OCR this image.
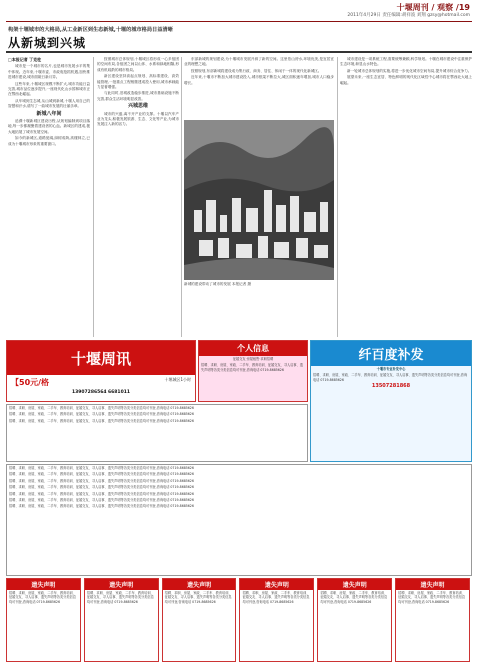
十堰周刊 / 观察 /19
2011年4月29日 责任编辑:胡祥波 刘翔 gzsy@hotmail.com
构架十堰城市的大格局,从工业新区到生态新城,十堰的城市格局日益清晰
从新城到兴城
□本报记者 丁克柱

城市是一个城市的名片,也是城市发展水平的集中体现。近年来,十堰市委、市政府抢抓机遇,加快推进城市建设,城市面貌日新月异。

这些年来,十堰城区规模不断扩大,城市功能日益完善,城市品位逐步提升,一座现代化山水园林城市正在鄂西北崛起。

从车城到生态城,从山城到新城,十堰人用自己的智慧和汗水,谱写了一曲城市发展的壮丽乐章。

新城八年间

追溯十堰新城区建设历程,从规划编制到项目落地,每一步都凝聚着建设者的心血。新城区的建成,极大地拓展了城市发展空间。

如今的新城区,道路宽阔,绿树成荫,高楼林立,已成为十堰城市形象的重要窗口。

按照城市总体规划,十堰城区将形成一心多组团的空间布局,各组团之间以山体、水系和绿地相隔,形成有机疏散的城市格局。

新区建设坚持高起点规划、高标准建设、高效能管理,一批重点工程相继建成投入使用,城市承载能力显著增强。

与此同时,旧城改造稳步推进,城市基础设施不断完善,群众生活环境明显改善。

兴城思维

城市的兴盛,离不开产业的支撑。十堰以汽车产业为龙头,积极发展旅游、生态、文化等产业,为城市发展注入新的活力。

东部新城的规划建设,为十堰城市发展开辟了新的空间。这里依山傍水,环境优美,是宜居宜业的理想之地。

按照规划,东部新城将建设成为集行政、商务、居住、休闲于一体的现代化新城区。

近年来,十堰市不断加大城市建设投入,城市框架不断拉大,城区面积逐年增加,城市人口稳步增长。

新城的建设带动了城市的发展 本报记者 摄

城市建设是一项系统工程,需要统筹兼顾,科学规划。十堰在城市建设中注重保护生态环境,彰显山水特色。

新一轮城市总体规划的实施,将进一步优化城市空间布局,提升城市综合竞争力。

展望未来,一座生态宜居、特色鲜明的现代化区域性中心城市将在鄂西北大地上崛起。

十堰周讯
【50元/格	十堰城区1小时
13907286564 6681011
个人信息
征婚交友·房屋租售·求职招聘
招聘、求职、房屋、家政、二手车、教育培训、征婚交友、寻人启事、遗失声明等各类分类信息均可刊登,咨询电话 0719-8685626
纤百度补发
十堰市专业补发中心
招聘、求职、房屋、家政、二手车、教育培训、征婚交友、寻人启事、遗失声明等各类分类信息均可刊登,咨询电话 0719-8685626
13507281868
招聘、求职、房屋、家政、二手车、教育培训、征婚交友、寻人启事、遗失声明等各类分类信息均可刊登,咨询电话 0719-8685626
招聘、求职、房屋、家政、二手车、教育培训、征婚交友、寻人启事、遗失声明等各类分类信息均可刊登,咨询电话 0719-8685626
招聘、求职、房屋、家政、二手车、教育培训、征婚交友、寻人启事、遗失声明等各类分类信息均可刊登,咨询电话 0719-8685626
招聘、求职、房屋、家政、二手车、教育培训、征婚交友、寻人启事、遗失声明等各类分类信息均可刊登,咨询电话 0719-8685626
招聘、求职、房屋、家政、二手车、教育培训、征婚交友、寻人启事、遗失声明等各类分类信息均可刊登,咨询电话 0719-8685626
招聘、求职、房屋、家政、二手车、教育培训、征婚交友、寻人启事、遗失声明等各类分类信息均可刊登,咨询电话 0719-8685626
招聘、求职、房屋、家政、二手车、教育培训、征婚交友、寻人启事、遗失声明等各类分类信息均可刊登,咨询电话 0719-8685626
招聘、求职、房屋、家政、二手车、教育培训、征婚交友、寻人启事、遗失声明等各类分类信息均可刊登,咨询电话 0719-8685626
招聘、求职、房屋、家政、二手车、教育培训、征婚交友、寻人启事、遗失声明等各类分类信息均可刊登,咨询电话 0719-8685626
招聘、求职、房屋、家政、二手车、教育培训、征婚交友、寻人启事、遗失声明等各类分类信息均可刊登,咨询电话 0719-8685626
遗失声明
招聘、求职、房屋、家政、二手车、教育培训、征婚交友、寻人启事、遗失声明等各类分类信息均可刊登,咨询电话 0719-8685626
遗失声明
招聘、求职、房屋、家政、二手车、教育培训、征婚交友、寻人启事、遗失声明等各类分类信息均可刊登,咨询电话 0719-8685626
遗失声明
招聘、求职、房屋、家政、二手车、教育培训、征婚交友、寻人启事、遗失声明等各类分类信息均可刊登,咨询电话 0719-8685626
遗失声明
招聘、求职、房屋、家政、二手车、教育培训、征婚交友、寻人启事、遗失声明等各类分类信息均可刊登,咨询电话 0719-8685626
遗失声明
招聘、求职、房屋、家政、二手车、教育培训、征婚交友、寻人启事、遗失声明等各类分类信息均可刊登,咨询电话 0719-8685626
遗失声明
招聘、求职、房屋、家政、二手车、教育培训、征婚交友、寻人启事、遗失声明等各类分类信息均可刊登,咨询电话 0719-8685626
